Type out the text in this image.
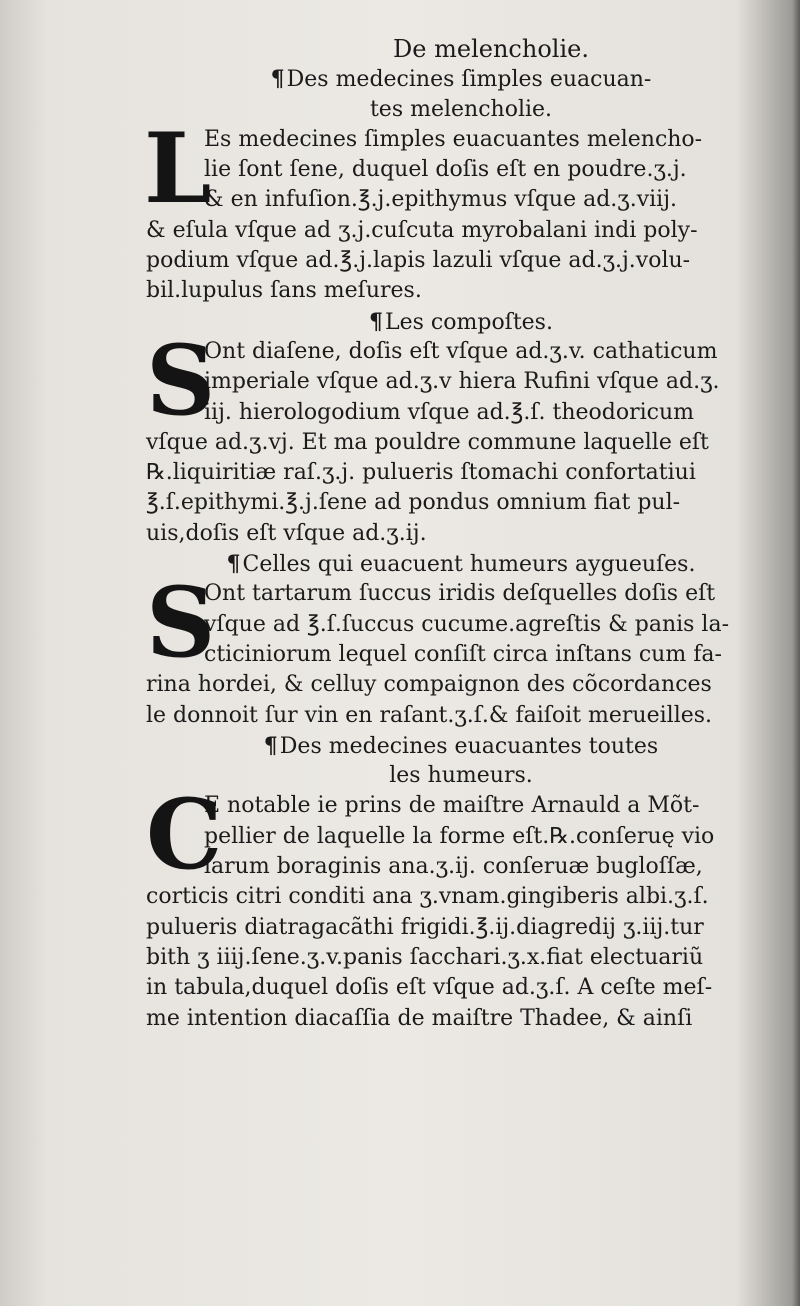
De melencholie.
¶Des medecines ſimples euacuan-
tes melencholie.
L
Es medecines ſimples euacuantes melencho-
lie ſont ſene, duquel doſis eſt en poudre.ʒ.j.
& en infuſion.℥.j.epithymus vſque ad.ʒ.viij.
& eſula vſque ad ʒ.j.cuſcuta myrobalani indi poly-
podium vſque ad.℥.j.lapis lazuli vſque ad.ʒ.j.volu-
bil.lupulus ſans meſures.
¶Les compoſtes.
S
Ont diaſene, doſis eſt vſque ad.ʒ.v. cathaticum
imperiale vſque ad.ʒ.v hiera Rufini vſque ad.ʒ.
iij. hierologodium vſque ad.℥.ſ. theodoricum
vſque ad.ʒ.vj. Et ma pouldre commune laquelle eſt
℞.liquiritiæ raſ.ʒ.j. pulueris ſtomachi confortatiui
℥.ſ.epithymi.℥.j.ſene ad pondus omnium fiat pul-
uis,doſis eſt vſque ad.ʒ.ij.
¶Celles qui euacuent humeurs aygueuſes.
S
Ont tartarum ſuccus iridis deſquelles doſis eſt
vſque ad ℥.ſ.ſuccus cucume.agreſtis & panis la-
cticiniorum lequel conſiſt circa inſtans cum fa-
rina hordei, & celluy compaignon des cõcordances
le donnoit ſur vin en raſant.ʒ.ſ.& faiſoit merueilles.
¶Des medecines euacuantes toutes
les humeurs.
C
E notable ie prins de maiſtre Arnauld a Mõt-
pellier de laquelle la forme eſt.℞.conſeruę vio
larum boraginis ana.ʒ.ij. conſeruæ bugloſſæ,
corticis citri conditi ana ʒ.vnam.gingiberis albi.ʒ.ſ.
pulueris diatragacãthi frigidi.℥.ij.diagredij ʒ.iij.tur
bith ʒ iiij.ſene.ʒ.v.panis ſacchari.ʒ.x.fiat electuariũ
in tabula,duquel doſis eſt vſque ad.ʒ.ſ. A ceſte meſ-
me intention diacaſſia de maiſtre Thadee, & ainſi
